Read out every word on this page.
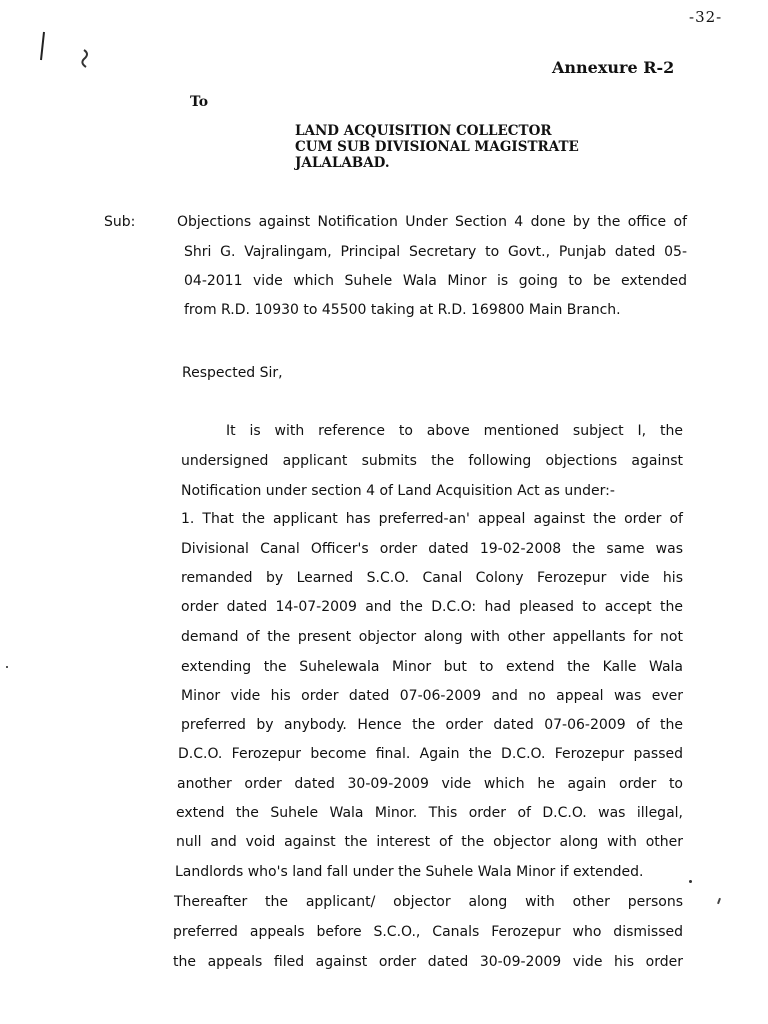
-32-
Annexure R-2
To
LAND ACQUISITION COLLECTOR
CUM SUB DIVISIONAL MAGISTRATE
JALALABAD.
Sub:	Objections against Notification Under Section 4 done by the office of
Shri G. Vajralingam, Principal Secretary to Govt., Punjab dated 05-
04-2011 vide which Suhele Wala Minor is going to be extended
from R.D. 10930 to 45500 taking at R.D. 169800 Main Branch.
Respected Sir,
It is with reference to above mentioned subject I, the
undersigned applicant submits the following objections against
Notification under section 4 of Land Acquisition Act as under:-
1. That the applicant has preferred-an' appeal against the order of
Divisional Canal Officer's order dated 19-02-2008 the same was
remanded by Learned S.C.O. Canal Colony Ferozepur vide his
order dated 14-07-2009 and the D.C.O: had pleased to accept the
demand of the present objector along with other appellants for not
extending the Suhelewala Minor but to extend the Kalle Wala
Minor vide his order dated 07-06-2009 and no appeal was ever
preferred by anybody. Hence the order dated 07-06-2009 of the
D.C.O. Ferozepur become final. Again the D.C.O. Ferozepur passed
another order dated 30-09-2009 vide which he again order to
extend the Suhele Wala Minor. This order of D.C.O. was illegal,
null and void against the interest of the objector along with other
Landlords who's land fall under the Suhele Wala Minor if extended.
Thereafter the applicant/ objector along with other persons
preferred appeals before S.C.O., Canals Ferozepur who dismissed
the appeals filed against order dated 30-09-2009 vide his order
